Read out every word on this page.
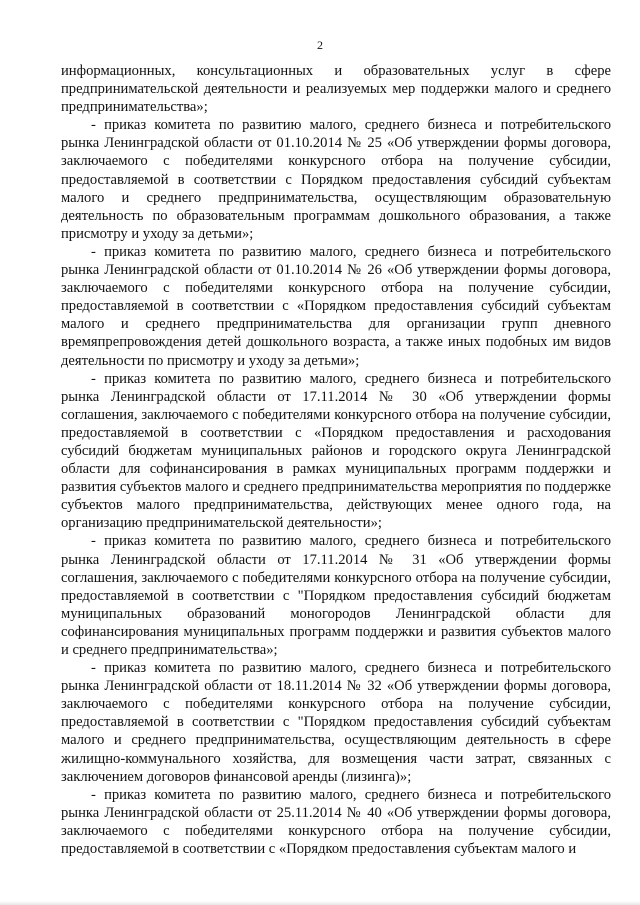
2

информационных, консультационных и образовательных услуг в сфере предпринимательской деятельности и реализуемых мер поддержки малого и среднего предпринимательства»;

- приказ комитета по развитию малого, среднего бизнеса и потребительского рынка Ленинградской области от 01.10.2014 № 25 «Об утверждении формы договора, заключаемого с победителями конкурсного отбора на получение субсидии, предоставляемой в соответствии с Порядком предоставления субсидий субъектам малого и среднего предпринимательства, осуществляющим образовательную деятельность по образовательным программам дошкольного образования, а также присмотру и уходу за детьми»;

- приказ комитета по развитию малого, среднего бизнеса и потребительского рынка Ленинградской области от 01.10.2014 № 26 «Об утверждении формы договора, заключаемого с победителями конкурсного отбора на получение субсидии, предоставляемой в соответствии с «Порядком предоставления субсидий субъектам малого и среднего предпринимательства для организации групп дневного времяпрепровождения детей дошкольного возраста, а также иных подобных им видов деятельности по присмотру и уходу за детьми»;

- приказ комитета по развитию малого, среднего бизнеса и потребительского рынка Ленинградской области от 17.11.2014 № 30 «Об утверждении формы соглашения, заключаемого с победителями конкурсного отбора на получение субсидии, предоставляемой в соответствии с «Порядком предоставления и расходования субсидий бюджетам муниципальных районов и городского округа Ленинградской области для софинансирования в рамках муниципальных программ поддержки и развития субъектов малого и среднего предпринимательства мероприятия по поддержке субъектов малого предпринимательства, действующих менее одного года, на организацию предпринимательской деятельности»;

- приказ комитета по развитию малого, среднего бизнеса и потребительского рынка Ленинградской области от 17.11.2014 № 31 «Об утверждении формы соглашения, заключаемого с победителями конкурсного отбора на получение субсидии, предоставляемой в соответствии с "Порядком предоставления субсидий бюджетам муниципальных образований моногородов Ленинградской области для софинансирования муниципальных программ поддержки и развития субъектов малого и среднего предпринимательства»;

- приказ комитета по развитию малого, среднего бизнеса и потребительского рынка Ленинградской области от 18.11.2014 № 32 «Об утверждении формы договора, заключаемого с победителями конкурсного отбора на получение субсидии, предоставляемой в соответствии с "Порядком предоставления субсидий субъектам малого и среднего предпринимательства, осуществляющим деятельность в сфере жилищно-коммунального хозяйства, для возмещения части затрат, связанных с заключением договоров финансовой аренды (лизинга)»;

- приказ комитета по развитию малого, среднего бизнеса и потребительского рынка Ленинградской области от 25.11.2014 № 40 «Об утверждении формы договора, заключаемого с победителями конкурсного отбора на получение субсидии, предоставляемой в соответствии с «Порядком предоставления субъектам малого и
